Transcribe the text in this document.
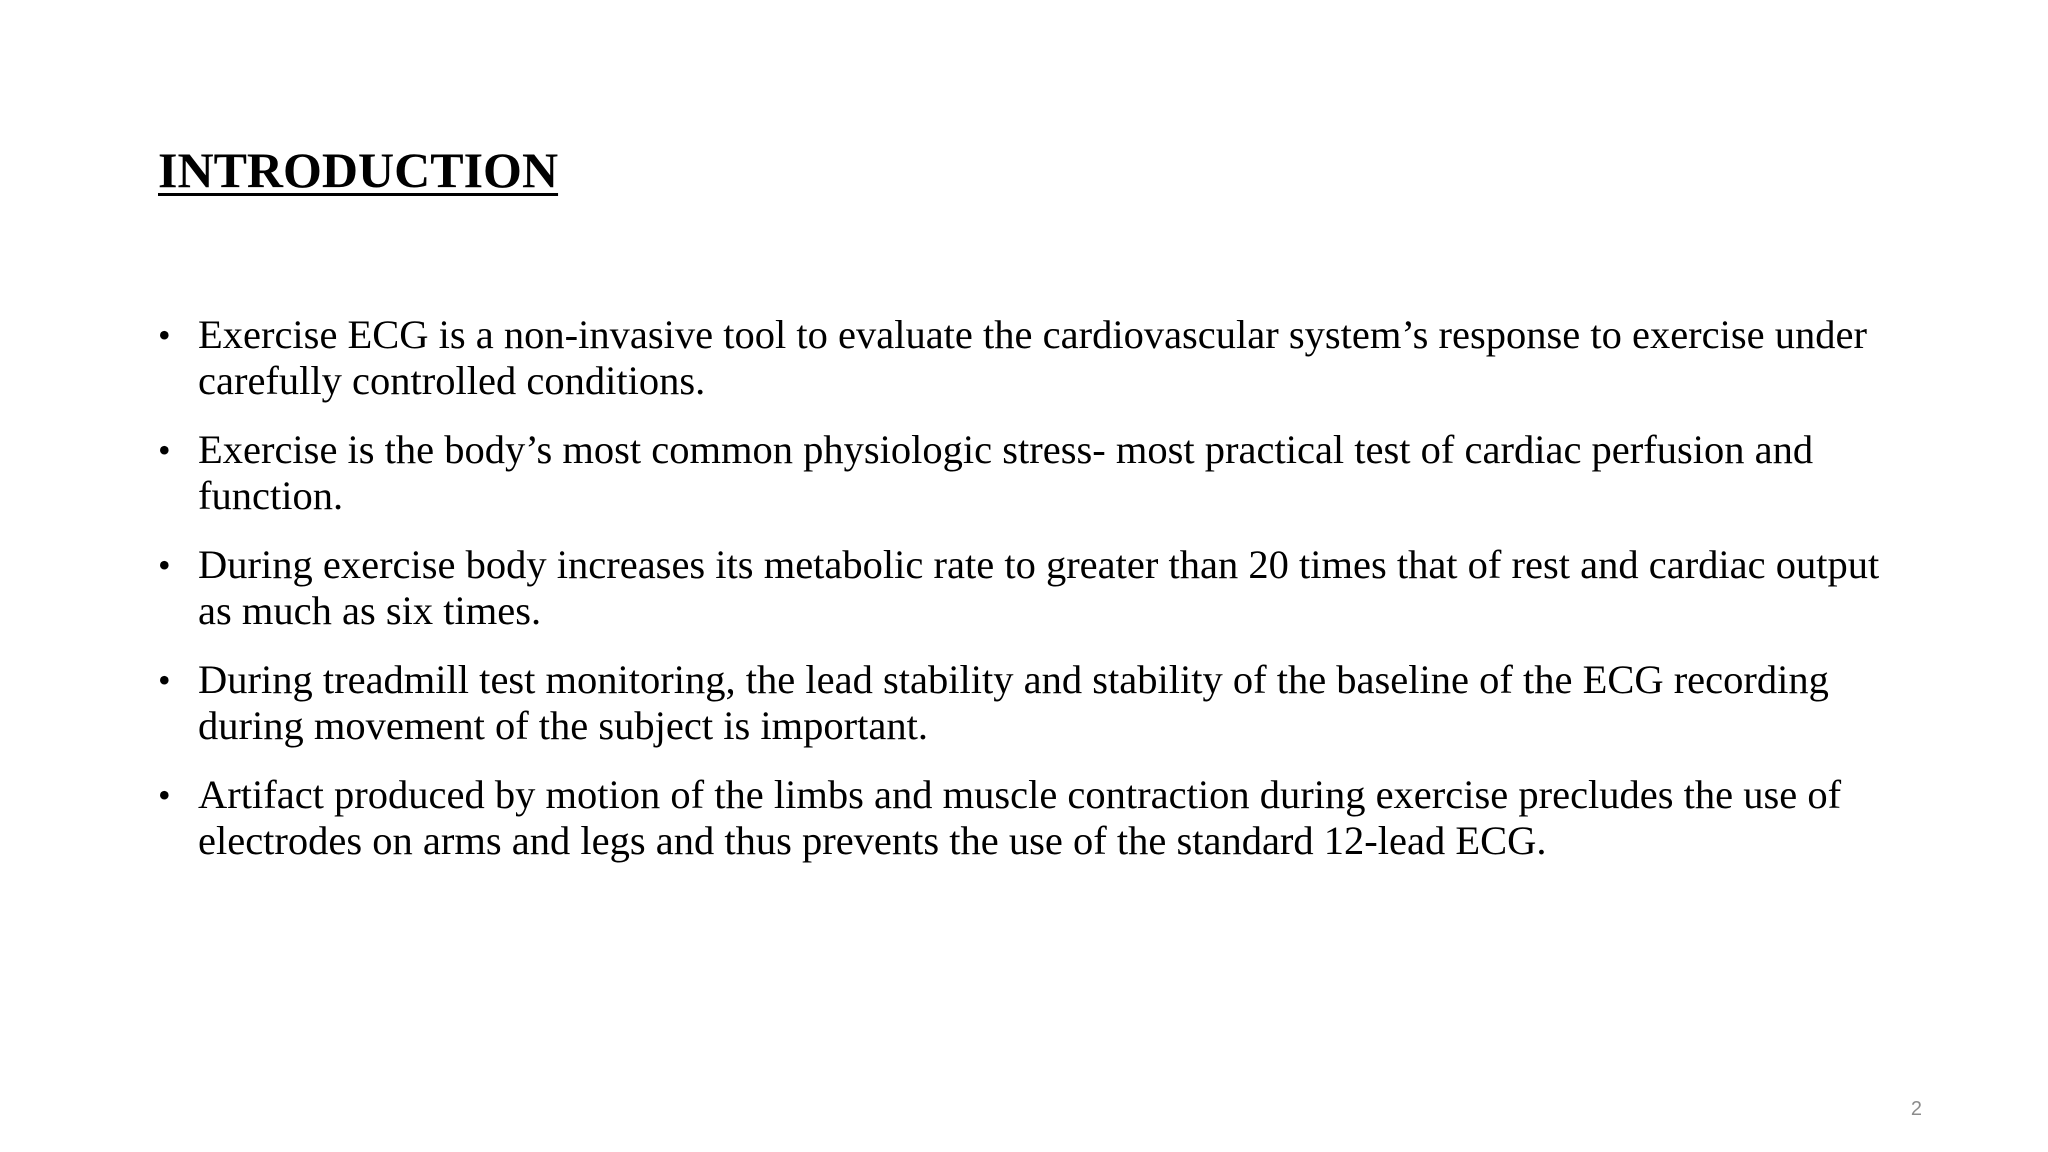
INTRODUCTION
• Exercise ECG is a non-invasive tool to evaluate the cardiovascular system’s response to exercise under carefully controlled conditions.
• Exercise is the body’s most common physiologic stress- most practical test of cardiac perfusion and function.
• During exercise body increases its metabolic rate to greater than 20 times that of rest and cardiac output as much as six times.
• During treadmill test monitoring, the lead stability and stability of the baseline of the ECG recording during movement of the subject is important.
• Artifact produced by motion of the limbs and muscle contraction during exercise precludes the use of electrodes on arms and legs and thus prevents the use of the standard 12-lead ECG.
2
